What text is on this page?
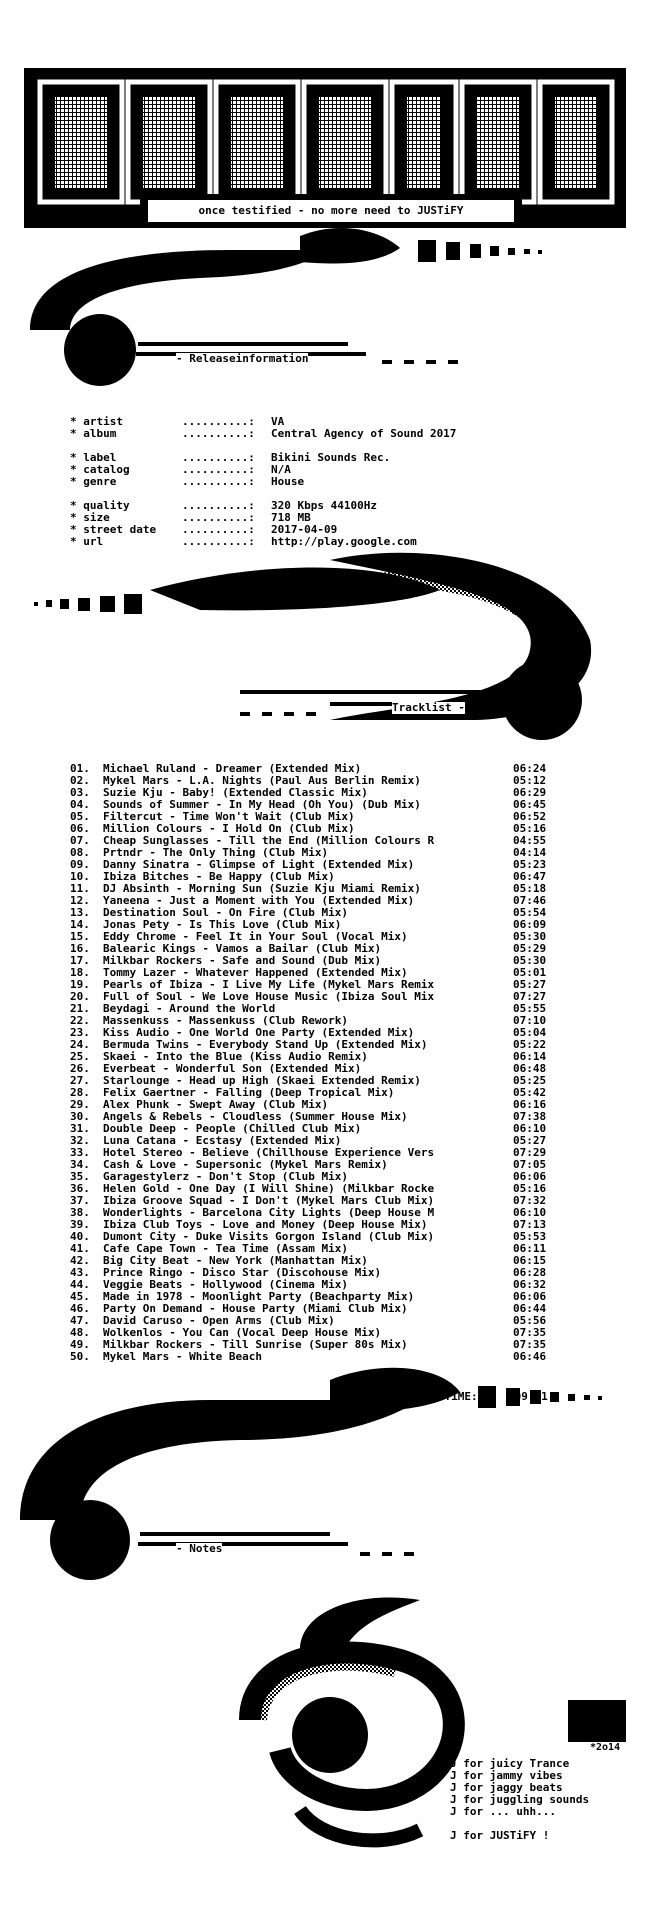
once testified - no more need to JUSTiFY
- Releaseinformation
* artist	..........: VA
* album	..........: Central Agency of Sound 2017
* label	..........: Bikini Sounds Rec.
* catalog	..........: N/A
* genre	..........: House
* quality	..........: 320 Kbps 44100Hz
* size	..........: 718 MB
* street date ..........: 2017-04-09
* url	..........: http://play.google.com
Tracklist -
01. Michael Ruland - Dreamer (Extended Mix)	06:24
02. Mykel Mars - L.A. Nights (Paul Aus Berlin Remix)	05:12
03. Suzie Kju - Baby! (Extended Classic Mix)	06:29
04. Sounds of Summer - In My Head (Oh You) (Dub Mix)	06:45
05. Filtercut - Time Won't Wait (Club Mix)	06:52
06. Million Colours - I Hold On (Club Mix)	05:16
07. Cheap Sunglasses - Till the End (Million Colours R	04:55
08. Prtndr - The Only Thing (Club Mix)	04:14
09. Danny Sinatra - Glimpse of Light (Extended Mix)	05:23
10. Ibiza Bitches - Be Happy (Club Mix)	06:47
11. DJ Absinth - Morning Sun (Suzie Kju Miami Remix)	05:18
12. Yaneena - Just a Moment with You (Extended Mix)	07:46
13. Destination Soul - On Fire (Club Mix)	05:54
14. Jonas Pety - Is This Love (Club Mix)	06:09
15. Eddy Chrome - Feel It in Your Soul (Vocal Mix)	05:30
16. Balearic Kings - Vamos a Bailar (Club Mix)	05:29
17. Milkbar Rockers - Safe and Sound (Dub Mix)	05:30
18. Tommy Lazer - Whatever Happened (Extended Mix)	05:01
19. Pearls of Ibiza - I Live My Life (Mykel Mars Remix	05:27
20. Full of Soul - We Love House Music (Ibiza Soul Mix	07:27
21. Beydagi - Around the World	05:55
22. Massenkuss - Massenkuss (Club Rework)	07:10
23. Kiss Audio - One World One Party (Extended Mix)	05:04
24. Bermuda Twins - Everybody Stand Up (Extended Mix)	05:22
25. Skaei - Into the Blue (Kiss Audio Remix)	06:14
26. Everbeat - Wonderful Son (Extended Mix)	06:48
27. Starlounge - Head up High (Skaei Extended Remix)	05:25
28. Felix Gaertner - Falling (Deep Tropical Mix)	05:42
29. Alex Phunk - Swept Away (Club Mix)	06:16
30. Angels & Rebels - Cloudless (Summer House Mix)	07:38
31. Double Deep - People (Chilled Club Mix)	06:10
32. Luna Catana - Ecstasy (Extended Mix)	05:27
33. Hotel Stereo - Believe (Chillhouse Experience Vers	07:29
34. Cash & Love - Supersonic (Mykel Mars Remix)	07:05
35. Garagestylerz - Don't Stop (Club Mix)	06:06
36. Helen Gold - One Day (I Will Shine) (Milkbar Rocke	05:16
37. Ibiza Groove Squad - I Don't (Mykel Mars Club Mix)	07:32
38. Wonderlights - Barcelona City Lights (Deep House M	06:10
39. Ibiza Club Toys - Love and Money (Deep House Mix)	07:13
40. Dumont City - Duke Visits Gorgon Island (Club Mix)	05:53
41. Cafe Cape Town - Tea Time (Assam Mix)	06:11
42. Big City Beat - New York (Manhattan Mix)	06:15
43. Prince Ringo - Disco Star (Discohouse Mix)	06:28
44. Veggie Beats - Hollywood (Cinema Mix)	06:32
45. Made in 1978 - Moonlight Party (Beachparty Mix)	06:06
46. Party On Demand - House Party (Miami Club Mix)	06:44
47. David Caruso - Open Arms (Club Mix)	05:56
48. Wolkenlos - You Can (Vocal Deep House Mix)	07:35
49. Milkbar Rockers - Till Sunrise (Super 80s Mix)	07:35
50. Mykel Mars - White Beach	06:46
PLAYTiME:	309:51
- Notes
*2o14
J for juicy Trance
J for jammy vibes
J for jaggy beats
J for juggling sounds
J for ... uhh...
J for JUSTiFY !
